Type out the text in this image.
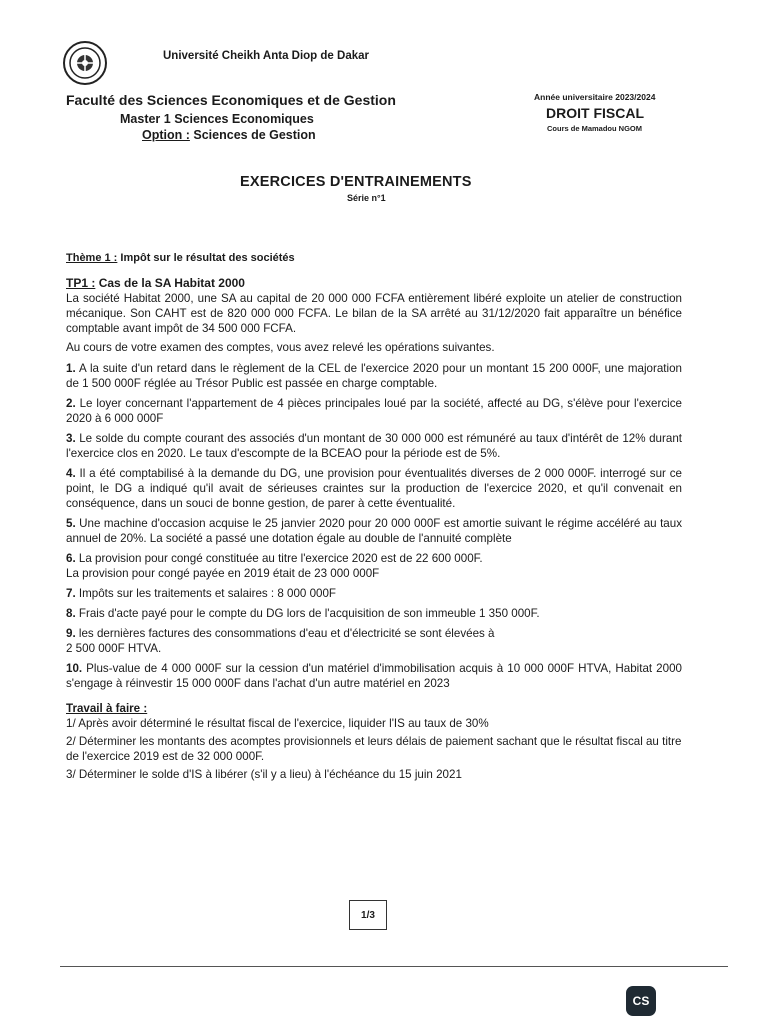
Université Cheikh Anta Diop de Dakar
Faculté des Sciences Economiques et de Gestion
Master 1 Sciences Economiques
Option : Sciences de Gestion
Année universitaire 2023/2024
DROIT FISCAL
Cours de Mamadou NGOM
EXERCICES D'ENTRAINEMENTS
Série n°1
Thème 1 : Impôt sur le résultat des sociétés
TP1 : Cas de la SA Habitat 2000

La société Habitat 2000, une SA au capital de 20 000 000 FCFA entièrement libéré exploite un atelier de construction mécanique. Son CAHT est de 820 000 000 FCFA. Le bilan de la SA arrêté au 31/12/2020 fait apparaître un bénéfice comptable avant impôt de 34 500 000 FCFA.

Au cours de votre examen des comptes, vous avez relevé les opérations suivantes.

1. A la suite d'un retard dans le règlement de la CEL de l'exercice 2020 pour un montant 15 200 000F, une majoration de 1 500 000F réglée au Trésor Public est passée en charge comptable.
2. Le loyer concernant l'appartement de 4 pièces principales loué par la société, affecté au DG, s'élève pour l'exercice 2020 à 6 000 000F
3. Le solde du compte courant des associés d'un montant de 30 000 000 est rémunéré au taux d'intérêt de 12% durant l'exercice clos en 2020. Le taux d'escompte de la BCEAO pour la période est de 5%.
4. Il a été comptabilisé à la demande du DG, une provision pour éventualités diverses de 2 000 000F. interrogé sur ce point, le DG a indiqué qu'il avait de sérieuses craintes sur la production de l'exercice 2020, et qu'il convenait en conséquence, dans un souci de bonne gestion, de parer à cette éventualité.
5. Une machine d'occasion acquise le 25 janvier 2020 pour 20 000 000F est amortie suivant le régime accéléré au taux annuel de 20%. La société a passé une dotation égale au double de l'annuité complète
6. La provision pour congé constituée au titre l'exercice 2020 est de 22 600 000F.
La provision pour congé payée en 2019 était de 23 000 000F
7. Impôts sur les traitements et salaires : 8 000 000F
8. Frais d'acte payé pour le compte du DG lors de l'acquisition de son immeuble 1 350 000F.
9. les dernières factures des consommations d'eau et d'électricité se sont élevées à
2 500 000F HTVA.
10. Plus-value de 4 000 000F sur la cession d'un matériel d'immobilisation acquis à 10 000 000F HTVA, Habitat 2000 s'engage à réinvestir 15 000 000F dans l'achat d'un autre matériel en 2023
Travail à faire :
1/ Après avoir déterminé le résultat fiscal de l'exercice, liquider l'IS au taux de 30%
2/ Déterminer les montants des acomptes provisionnels et leurs délais de paiement sachant que le résultat fiscal au titre de l'exercice 2019 est de 32 000 000F.
3/ Déterminer le solde d'IS à libérer (s'il y a lieu) à l'échéance du 15 juin 2021
1/3
CS
